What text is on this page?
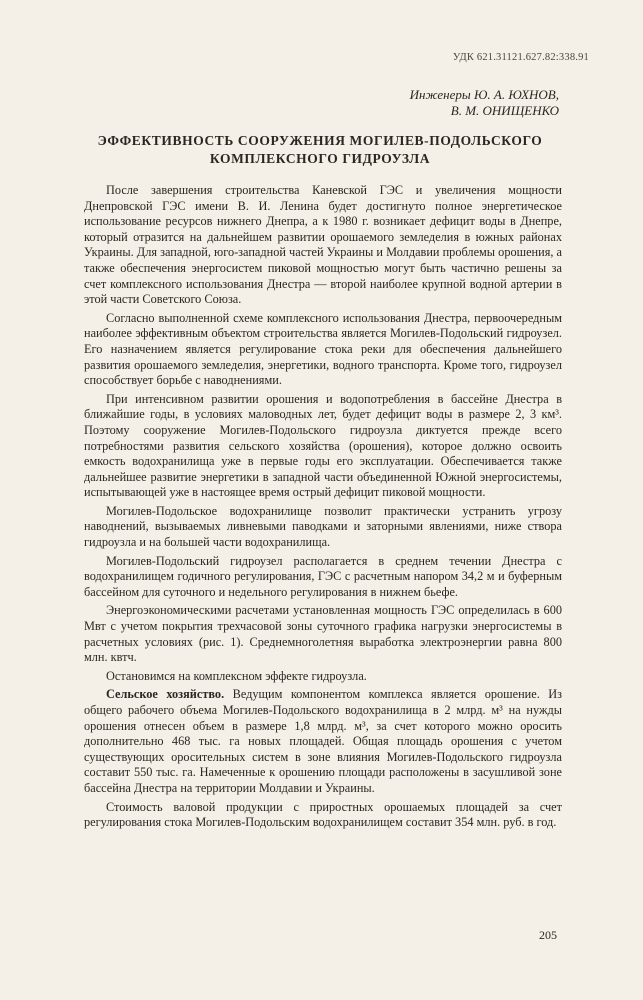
УДК 621.31121.627.82:338.91
Инженеры Ю. А. ЮХНОВ,
В. М. ОНИЩЕНКО
ЭФФЕКТИВНОСТЬ СООРУЖЕНИЯ МОГИЛЕВ-ПОДОЛЬСКОГО
КОМПЛЕКСНОГО ГИДРОУЗЛА

После завершения строительства Каневской ГЭС и увеличения мощности Днепровской ГЭС имени В. И. Ленина будет достигнуто полное энергетическое использование ресурсов нижнего Днепра, а к 1980 г. возникает дефицит воды в Днепре, который отразится на дальнейшем развитии орошаемого земледелия в южных районах Украины. Для западной, юго-западной частей Украины и Молдавии проблемы орошения, а также обеспечения энергосистем пиковой мощностью могут быть частично решены за счет комплексного использования Днестра — второй наиболее крупной водной артерии в этой части Советского Союза.

Согласно выполненной схеме комплексного использования Днестра, первоочередным наиболее эффективным объектом строительства является Могилев-Подольский гидроузел. Его назначением является регулирование стока реки для обеспечения дальнейшего развития орошаемого земледелия, энергетики, водного транспорта. Кроме того, гидроузел способствует борьбе с наводнениями.

При интенсивном развитии орошения и водопотребления в бассейне Днестра в ближайшие годы, в условиях маловодных лет, будет дефицит воды в размере 2, 3 км³. Поэтому сооружение Могилев-Подольского гидроузла диктуется прежде всего потребностями развития сельского хозяйства (орошения), которое должно освоить емкость водохранилища уже в первые годы его эксплуатации. Обеспечивается также дальнейшее развитие энергетики в западной части объединенной Южной энергосистемы, испытывающей уже в настоящее время острый дефицит пиковой мощности.

Могилев-Подольское водохранилище позволит практически устранить угрозу наводнений, вызываемых ливневыми паводками и заторными явлениями, ниже створа гидроузла и на большей части водохранилища.

Могилев-Подольский гидроузел располагается в среднем течении Днестра с водохранилищем годичного регулирования, ГЭС с расчетным напором 34,2 м и буферным бассейном для суточного и недельного регулирования в нижнем бьефе.

Энергоэкономическими расчетами установленная мощность ГЭС определилась в 600 Мвт с учетом покрытия трехчасовой зоны суточного графика нагрузки энергосистемы в расчетных условиях (рис. 1). Среднемноголетняя выработка электроэнергии равна 800 млн. квтч.

Остановимся на комплексном эффекте гидроузла.

Сельское хозяйство. Ведущим компонентом комплекса является орошение. Из общего рабочего объема Могилев-Подольского водохранилища в 2 млрд. м³ на нужды орошения отнесен объем в размере 1,8 млрд. м³, за счет которого можно оросить дополнительно 468 тыс. га новых площадей. Общая площадь орошения с учетом существующих оросительных систем в зоне влияния Могилев-Подольского гидроузла составит 550 тыс. га. Намеченные к орошению площади расположены в засушливой зоне бассейна Днестра на территории Молдавии и Украины.

Стоимость валовой продукции с приростных орошаемых площадей за счет регулирования стока Могилев-Подольским водохранилищем составит 354 млн. руб. в год.

205
